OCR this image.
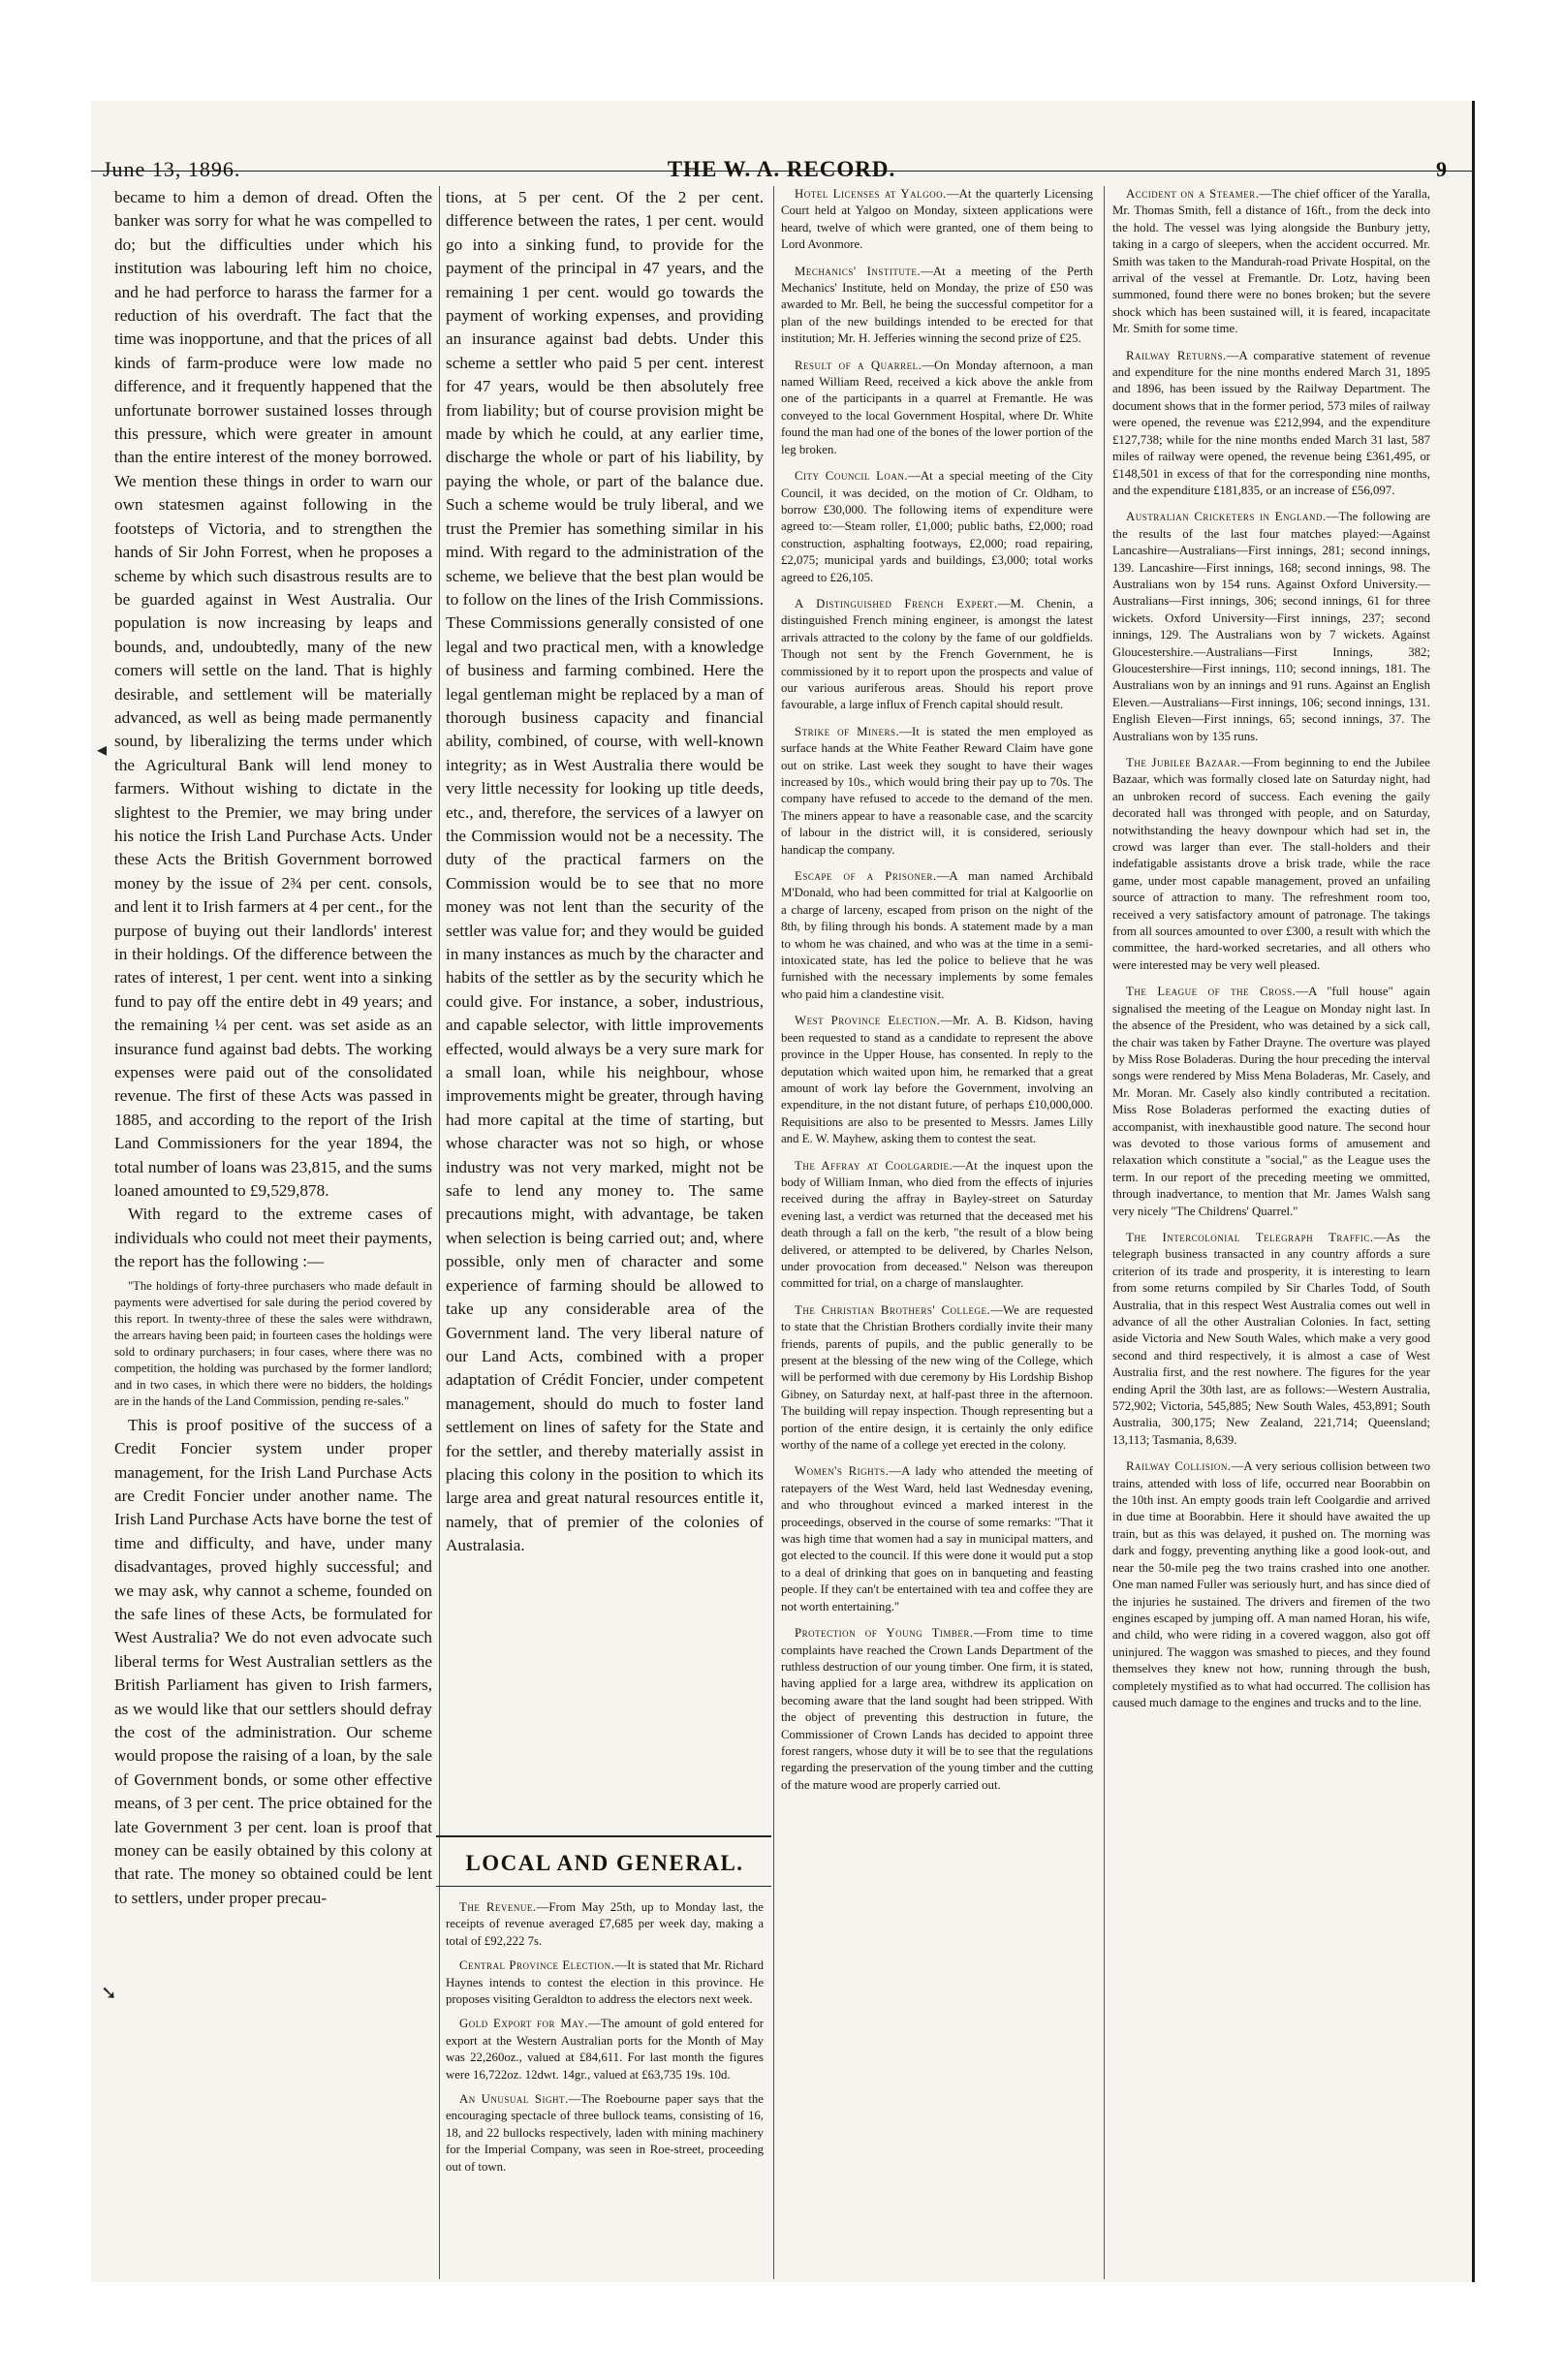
June 13, 1896.	THE W. A. RECORD.	9

became to him a demon of dread. Often the banker was sorry for what he was compelled to do; but the difficulties under which his institution was labouring left him no choice, and he had perforce to harass the farmer for a reduction of his overdraft. The fact that the time was inopportune, and that the prices of all kinds of farm-produce were low made no difference, and it frequently happened that the unfortunate borrower sustained losses through this pressure, which were greater in amount than the entire interest of the money borrowed. We mention these things in order to warn our own statesmen against following in the footsteps of Victoria, and to strengthen the hands of Sir John Forrest, when he proposes a scheme by which such disastrous results are to be guarded against in West Australia. Our population is now increasing by leaps and bounds, and, undoubtedly, many of the new comers will settle on the land. That is highly desirable, and settlement will be materially advanced, as well as being made permanently sound, by liberalizing the terms under which the Agricultural Bank will lend money to farmers. Without wishing to dictate in the slightest to the Premier, we may bring under his notice the Irish Land Purchase Acts. Under these Acts the British Government borrowed money by the issue of 2¾ per cent. consols, and lent it to Irish farmers at 4 per cent., for the purpose of buying out their landlords' interest in their holdings. Of the difference between the rates of interest, 1 per cent. went into a sinking fund to pay off the entire debt in 49 years; and the remaining ¼ per cent. was set aside as an insurance fund against bad debts. The working expenses were paid out of the consolidated revenue. The first of these Acts was passed in 1885, and according to the report of the Irish Land Commissioners for the year 1894, the total number of loans was 23,815, and the sums loaned amounted to £9,529,878.

With regard to the extreme cases of individuals who could not meet their payments, the report has the following :—

"The holdings of forty-three purchasers who made default in payments were advertised for sale during the period covered by this report. In twenty-three of these the sales were withdrawn, the arrears having been paid; in fourteen cases the holdings were sold to ordinary purchasers; in four cases, where there was no competition, the holding was purchased by the former landlord; and in two cases, in which there were no bidders, the holdings are in the hands of the Land Commission, pending re-sales."

This is proof positive of the success of a Credit Foncier system under proper management, for the Irish Land Purchase Acts are Credit Foncier under another name. The Irish Land Purchase Acts have borne the test of time and difficulty, and have, under many disadvantages, proved highly successful; and we may ask, why cannot a scheme, founded on the safe lines of these Acts, be formulated for West Australia? We do not even advocate such liberal terms for West Australian settlers as the British Parliament has given to Irish farmers, as we would like that our settlers should defray the cost of the administration. Our scheme would propose the raising of a loan, by the sale of Government bonds, or some other effective means, of 3 per cent. The price obtained for the late Government 3 per cent. loan is proof that money can be easily obtained by this colony at that rate. The money so obtained could be lent to settlers, under proper precau-

tions, at 5 per cent. Of the 2 per cent. difference between the rates, 1 per cent. would go into a sinking fund, to provide for the payment of the principal in 47 years, and the remaining 1 per cent. would go towards the payment of working expenses, and providing an insurance against bad debts. Under this scheme a settler who paid 5 per cent. interest for 47 years, would be then absolutely free from liability; but of course provision might be made by which he could, at any earlier time, discharge the whole or part of his liability, by paying the whole, or part of the balance due. Such a scheme would be truly liberal, and we trust the Premier has something similar in his mind. With regard to the administration of the scheme, we believe that the best plan would be to follow on the lines of the Irish Commissions. These Commissions generally consisted of one legal and two practical men, with a knowledge of business and farming combined. Here the legal gentleman might be replaced by a man of thorough business capacity and financial ability, combined, of course, with well-known integrity; as in West Australia there would be very little necessity for looking up title deeds, etc., and, therefore, the services of a lawyer on the Commission would not be a necessity. The duty of the practical farmers on the Commission would be to see that no more money was not lent than the security of the settler was value for; and they would be guided in many instances as much by the character and habits of the settler as by the security which he could give. For instance, a sober, industrious, and capable selector, with little improvements effected, would always be a very sure mark for a small loan, while his neighbour, whose improvements might be greater, through having had more capital at the time of starting, but whose character was not so high, or whose industry was not very marked, might not be safe to lend any money to. The same precautions might, with advantage, be taken when selection is being carried out; and, where possible, only men of character and some experience of farming should be allowed to take up any considerable area of the Government land. The very liberal nature of our Land Acts, combined with a proper adaptation of Crédit Foncier, under competent management, should do much to foster land settlement on lines of safety for the State and for the settler, and thereby materially assist in placing this colony in the position to which its large area and great natural resources entitle it, namely, that of premier of the colonies of Australasia.

LOCAL AND GENERAL.

The Revenue.—From May 25th, up to Monday last, the receipts of revenue averaged £7,685 per week day, making a total of £92,222 7s.

Central Province Election.—It is stated that Mr. Richard Haynes intends to contest the election in this province. He proposes visiting Geraldton to address the electors next week.

Gold Export for May.—The amount of gold entered for export at the Western Australian ports for the Month of May was 22,260oz., valued at £84,611. For last month the figures were 16,722oz. 12dwt. 14gr., valued at £63,735 19s. 10d.

An Unusual Sight.—The Roebourne paper says that the encouraging spectacle of three bullock teams, consisting of 16, 18, and 22 bullocks respectively, laden with mining machinery for the Imperial Company, was seen in Roe-street, proceeding out of town.

Hotel Licenses at Yalgoo.—At the quarterly Licensing Court held at Yalgoo on Monday, sixteen applications were heard, twelve of which were granted, one of them being to Lord Avonmore.

Mechanics' Institute.—At a meeting of the Perth Mechanics' Institute, held on Monday, the prize of £50 was awarded to Mr. Bell, he being the successful competitor for a plan of the new buildings intended to be erected for that institution; Mr. H. Jefferies winning the second prize of £25.

Result of a Quarrel.—On Monday afternoon, a man named William Reed, received a kick above the ankle from one of the participants in a quarrel at Fremantle. He was conveyed to the local Government Hospital, where Dr. White found the man had one of the bones of the lower portion of the leg broken.

City Council Loan.—At a special meeting of the City Council, it was decided, on the motion of Cr. Oldham, to borrow £30,000. The following items of expenditure were agreed to:—Steam roller, £1,000; public baths, £2,000; road construction, asphalting footways, £2,000; road repairing, £2,075; municipal yards and buildings, £3,000; total works agreed to £26,105.

A Distinguished French Expert.—M. Chenin, a distinguished French mining engineer, is amongst the latest arrivals attracted to the colony by the fame of our goldfields. Though not sent by the French Government, he is commissioned by it to report upon the prospects and value of our various auriferous areas. Should his report prove favourable, a large influx of French capital should result.

Strike of Miners.—It is stated the men employed as surface hands at the White Feather Reward Claim have gone out on strike. Last week they sought to have their wages increased by 10s., which would bring their pay up to 70s. The company have refused to accede to the demand of the men. The miners appear to have a reasonable case, and the scarcity of labour in the district will, it is considered, seriously handicap the company.

Escape of a Prisoner.—A man named Archibald M'Donald, who had been committed for trial at Kalgoorlie on a charge of larceny, escaped from prison on the night of the 8th, by filing through his bonds. A statement made by a man to whom he was chained, and who was at the time in a semi-intoxicated state, has led the police to believe that he was furnished with the necessary implements by some females who paid him a clandestine visit.

West Province Election.—Mr. A. B. Kidson, having been requested to stand as a candidate to represent the above province in the Upper House, has consented. In reply to the deputation which waited upon him, he remarked that a great amount of work lay before the Government, involving an expenditure, in the not distant future, of perhaps £10,000,000. Requisitions are also to be presented to Messrs. James Lilly and E. W. Mayhew, asking them to contest the seat.

The Affray at Coolgardie.—At the inquest upon the body of William Inman, who died from the effects of injuries received during the affray in Bayley-street on Saturday evening last, a verdict was returned that the deceased met his death through a fall on the kerb, "the result of a blow being delivered, or attempted to be delivered, by Charles Nelson, under provocation from deceased." Nelson was thereupon committed for trial, on a charge of manslaughter.

The Christian Brothers' College.—We are requested to state that the Christian Brothers cordially invite their many friends, parents of pupils, and the public generally to be present at the blessing of the new wing of the College, which will be performed with due ceremony by His Lordship Bishop Gibney, on Saturday next, at half-past three in the afternoon. The building will repay inspection. Though representing but a portion of the entire design, it is certainly the only edifice worthy of the name of a college yet erected in the colony.

Women's Rights.—A lady who attended the meeting of ratepayers of the West Ward, held last Wednesday evening, and who throughout evinced a marked interest in the proceedings, observed in the course of some remarks: "That it was high time that women had a say in municipal matters, and got elected to the council. If this were done it would put a stop to a deal of drinking that goes on in banqueting and feasting people. If they can't be entertained with tea and coffee they are not worth entertaining."

Protection of Young Timber.—From time to time complaints have reached the Crown Lands Department of the ruthless destruction of our young timber. One firm, it is stated, having applied for a large area, withdrew its application on becoming aware that the land sought had been stripped. With the object of preventing this destruction in future, the Commissioner of Crown Lands has decided to appoint three forest rangers, whose duty it will be to see that the regulations regarding the preservation of the young timber and the cutting of the mature wood are properly carried out.

Accident on a Steamer.—The chief officer of the Yaralla, Mr. Thomas Smith, fell a distance of 16ft., from the deck into the hold. The vessel was lying alongside the Bunbury jetty, taking in a cargo of sleepers, when the accident occurred. Mr. Smith was taken to the Mandurah-road Private Hospital, on the arrival of the vessel at Fremantle. Dr. Lotz, having been summoned, found there were no bones broken; but the severe shock which has been sustained will, it is feared, incapacitate Mr. Smith for some time.

Railway Returns.—A comparative statement of revenue and expenditure for the nine months endered March 31, 1895 and 1896, has been issued by the Railway Department. The document shows that in the former period, 573 miles of railway were opened, the revenue was £212,994, and the expenditure £127,738; while for the nine months ended March 31 last, 587 miles of railway were opened, the revenue being £361,495, or £148,501 in excess of that for the corresponding nine months, and the expenditure £181,835, or an increase of £56,097.

Australian Cricketers in England.—The following are the results of the last four matches played:—Against Lancashire—Australians—First innings, 281; second innings, 139. Lancashire—First innings, 168; second innings, 98. The Australians won by 154 runs. Against Oxford University.—Australians—First innings, 306; second innings, 61 for three wickets. Oxford University—First innings, 237; second innings, 129. The Australians won by 7 wickets. Against Gloucestershire.—Australians—First Innings, 382; Gloucestershire—First innings, 110; second innings, 181. The Australians won by an innings and 91 runs. Against an English Eleven.—Australians—First innings, 106; second innings, 131. English Eleven—First innings, 65; second innings, 37. The Australians won by 135 runs.

The Jubilee Bazaar.—From beginning to end the Jubilee Bazaar, which was formally closed late on Saturday night, had an unbroken record of success. Each evening the gaily decorated hall was thronged with people, and on Saturday, notwithstanding the heavy downpour which had set in, the crowd was larger than ever. The stall-holders and their indefatigable assistants drove a brisk trade, while the race game, under most capable management, proved an unfailing source of attraction to many. The refreshment room too, received a very satisfactory amount of patronage. The takings from all sources amounted to over £300, a result with which the committee, the hard-worked secretaries, and all others who were interested may be very well pleased.

The League of the Cross.—A "full house" again signalised the meeting of the League on Monday night last. In the absence of the President, who was detained by a sick call, the chair was taken by Father Drayne. The overture was played by Miss Rose Boladeras. During the hour preceding the interval songs were rendered by Miss Mena Boladeras, Mr. Casely, and Mr. Moran. Mr. Casely also kindly contributed a recitation. Miss Rose Boladeras performed the exacting duties of accompanist, with inexhaustible good nature. The second hour was devoted to those various forms of amusement and relaxation which constitute a "social," as the League uses the term. In our report of the preceding meeting we ommitted, through inadvertance, to mention that Mr. James Walsh sang very nicely "The Childrens' Quarrel."

The Intercolonial Telegraph Traffic.—As the telegraph business transacted in any country affords a sure criterion of its trade and prosperity, it is interesting to learn from some returns compiled by Sir Charles Todd, of South Australia, that in this respect West Australia comes out well in advance of all the other Australian Colonies. In fact, setting aside Victoria and New South Wales, which make a very good second and third respectively, it is almost a case of West Australia first, and the rest nowhere. The figures for the year ending April the 30th last, are as follows:—Western Australia, 572,902; Victoria, 545,885; New South Wales, 453,891; South Australia, 300,175; New Zealand, 221,714; Queensland; 13,113; Tasmania, 8,639.

Railway Collision.—A very serious collision between two trains, attended with loss of life, occurred near Boorabbin on the 10th inst. An empty goods train left Coolgardie and arrived in due time at Boorabbin. Here it should have awaited the up train, but as this was delayed, it pushed on. The morning was dark and foggy, preventing anything like a good look-out, and near the 50-mile peg the two trains crashed into one another. One man named Fuller was seriously hurt, and has since died of the injuries he sustained. The drivers and firemen of the two engines escaped by jumping off. A man named Horan, his wife, and child, who were riding in a covered waggon, also got off uninjured. The waggon was smashed to pieces, and they found themselves they knew not how, running through the bush, completely mystified as to what had occurred. The collision has caused much damage to the engines and trucks and to the line.

◂
➘
